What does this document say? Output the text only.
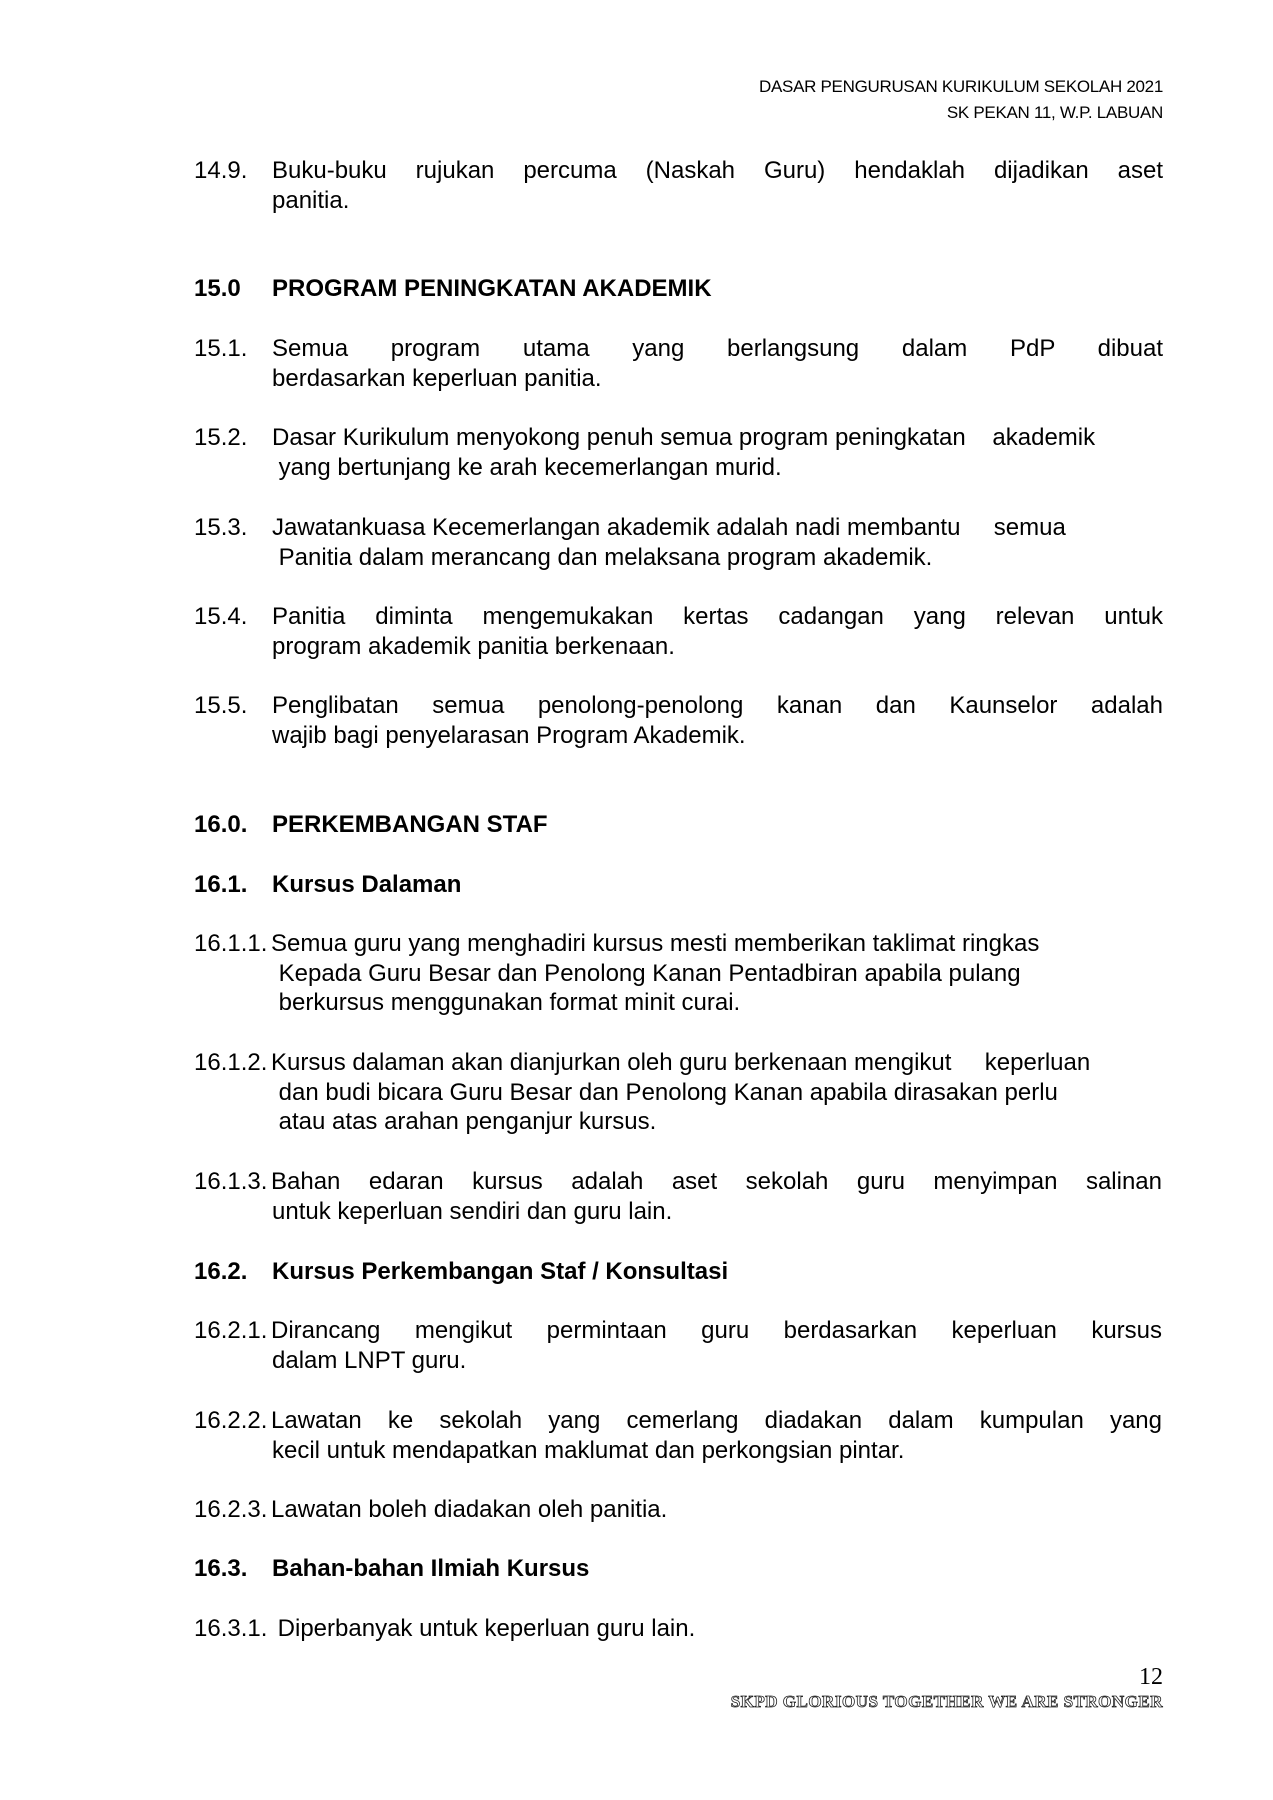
DASAR PENGURUSAN KURIKULUM SEKOLAH 2021
SK PEKAN 11, W.P. LABUAN
14.9. Buku-buku rujukan percuma (Naskah Guru) hendaklah dijadikan aset
panitia.
15.0 PROGRAM PENINGKATAN AKADEMIK
15.1. Semua program utama yang berlangsung dalam PdP dibuat
berdasarkan keperluan panitia.
15.2. Dasar Kurikulum menyokong penuh semua program peningkatan    akademik
yang bertunjang ke arah kecemerlangan murid.
15.3. Jawatankuasa Kecemerlangan akademik adalah nadi membantu     semua
Panitia dalam merancang dan melaksana program akademik.
15.4. Panitia diminta mengemukakan kertas cadangan yang relevan untuk
program akademik panitia berkenaan.
15.5. Penglibatan semua penolong-penolong kanan dan Kaunselor adalah
wajib bagi penyelarasan Program Akademik.
16.0. PERKEMBANGAN STAF
16.1. Kursus Dalaman
16.1.1. Semua guru yang menghadiri kursus mesti memberikan taklimat ringkas
Kepada Guru Besar dan Penolong Kanan Pentadbiran apabila pulang
berkursus menggunakan format minit curai.
16.1.2. Kursus dalaman akan dianjurkan oleh guru berkenaan mengikut     keperluan
dan budi bicara Guru Besar dan Penolong Kanan apabila dirasakan perlu
atau atas arahan penganjur kursus.
16.1.3. Bahan edaran kursus adalah aset sekolah guru menyimpan salinan
untuk keperluan sendiri dan guru lain.
16.2. Kursus Perkembangan Staf / Konsultasi
16.2.1. Dirancang mengikut permintaan guru berdasarkan keperluan kursus
dalam LNPT guru.
16.2.2. Lawatan ke sekolah yang cemerlang diadakan dalam kumpulan yang
kecil untuk mendapatkan maklumat dan perkongsian pintar.
16.2.3. Lawatan boleh diadakan oleh panitia.
16.3. Bahan-bahan Ilmiah Kursus
16.3.1. Diperbanyak untuk keperluan guru lain.
12
SKPD GLORIOUS TOGETHER WE ARE STRONGER
